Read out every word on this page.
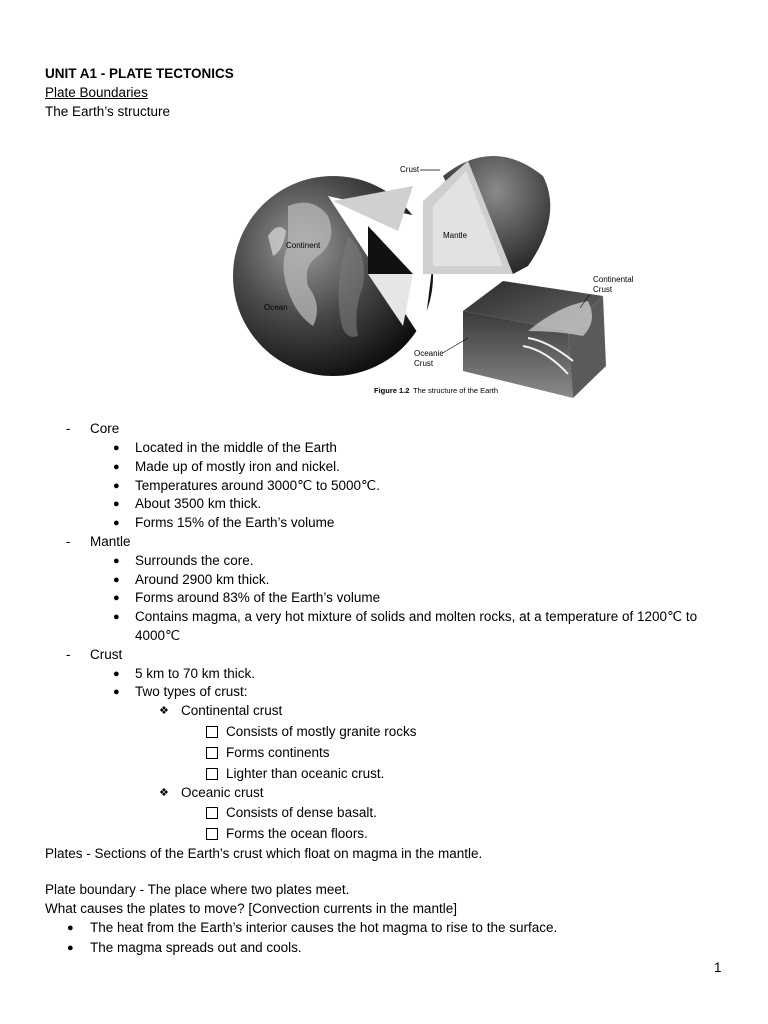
UNIT A1 - PLATE TECTONICS
Plate Boundaries
The Earth’s structure
Crust
Mantle
Core
Continent
Ocean
Continental
Crust
Oceanic
Crust
Figure 1.2 The structure of the Earth
- Core
● Located in the middle of the Earth
● Made up of mostly iron and nickel.
● Temperatures around 3000℃ to 5000℃.
● About 3500 km thick.
● Forms 15% of the Earth’s volume
- Mantle
● Surrounds the core.
● Around 2900 km thick.
● Forms around 83% of the Earth’s volume
● Contains magma, a very hot mixture of solids and molten rocks, at a temperature of 1200℃ to
4000℃
- Crust
● 5 km to 70 km thick.
● Two types of crust:
❖ Continental crust
Consists of mostly granite rocks
Forms continents
Lighter than oceanic crust.
❖ Oceanic crust
Consists of dense basalt.
Forms the ocean floors.
Plates - Sections of the Earth’s crust which float on magma in the mantle.
Plate boundary - The place where two plates meet.
What causes the plates to move? [Convection currents in the mantle]
● The heat from the Earth’s interior causes the hot magma to rise to the surface.
● The magma spreads out and cools.
1
